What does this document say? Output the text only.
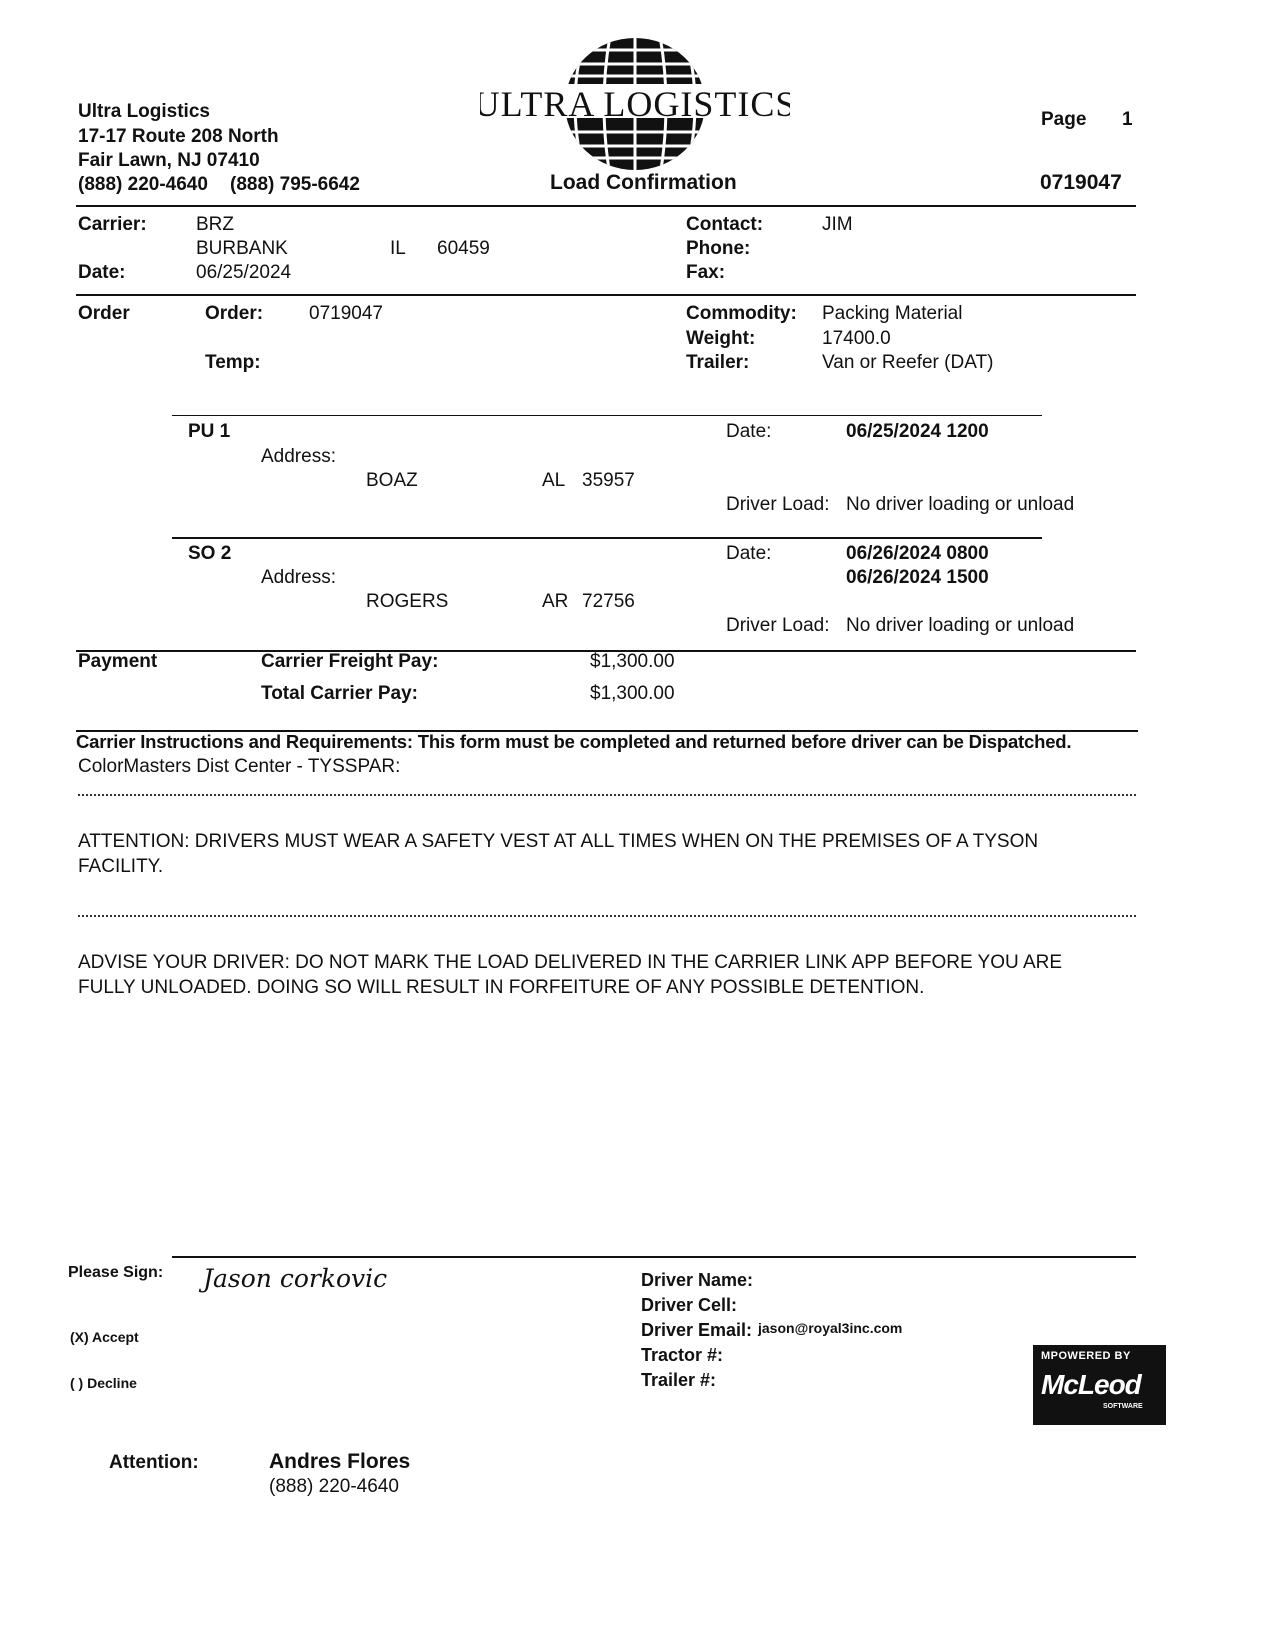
Ultra Logistics
17-17 Route 208 North
Fair Lawn, NJ 07410
(888) 220-4640 (888) 795-6642
ULTRA LOGISTICS
Load Confirmation
Page 1
0719047
Carrier:	BRZ
BURBANK	IL 60459
Date:	06/25/2024
Contact:	JIM
Phone:
Fax:
Order	Order: 0719047
Temp:
Commodity: Packing Material
Weight:	17400.0
Trailer:	Van or Reefer (DAT)
PU 1
Address:
BOAZ	AL 35957
Date:	06/25/2024 1200
Driver Load: No driver loading or unload
SO 2
Address:
ROGERS	AR 72756
Date:	06/26/2024 0800
06/26/2024 1500
Driver Load: No driver loading or unload
Payment	Carrier Freight Pay:	$1,300.00
Total Carrier Pay:	$1,300.00
Carrier Instructions and Requirements: This form must be completed and returned before driver can be Dispatched.
ColorMasters Dist Center - TYSSPAR:
ATTENTION: DRIVERS MUST WEAR A SAFETY VEST AT ALL TIMES WHEN ON THE PREMISES OF A TYSON FACILITY.
ADVISE YOUR DRIVER: DO NOT MARK THE LOAD DELIVERED IN THE CARRIER LINK APP BEFORE YOU ARE FULLY UNLOADED. DOING SO WILL RESULT IN FORFEITURE OF ANY POSSIBLE DETENTION.
Please Sign: Jason corkovic
(X) Accept
( ) Decline
Driver Name:
Driver Cell:
Driver Email: jason@royal3inc.com
Tractor #:
Trailer #:
MPOWERED BY
McLeod
SOFTWARE
Attention:	Andres Flores
(888) 220-4640
